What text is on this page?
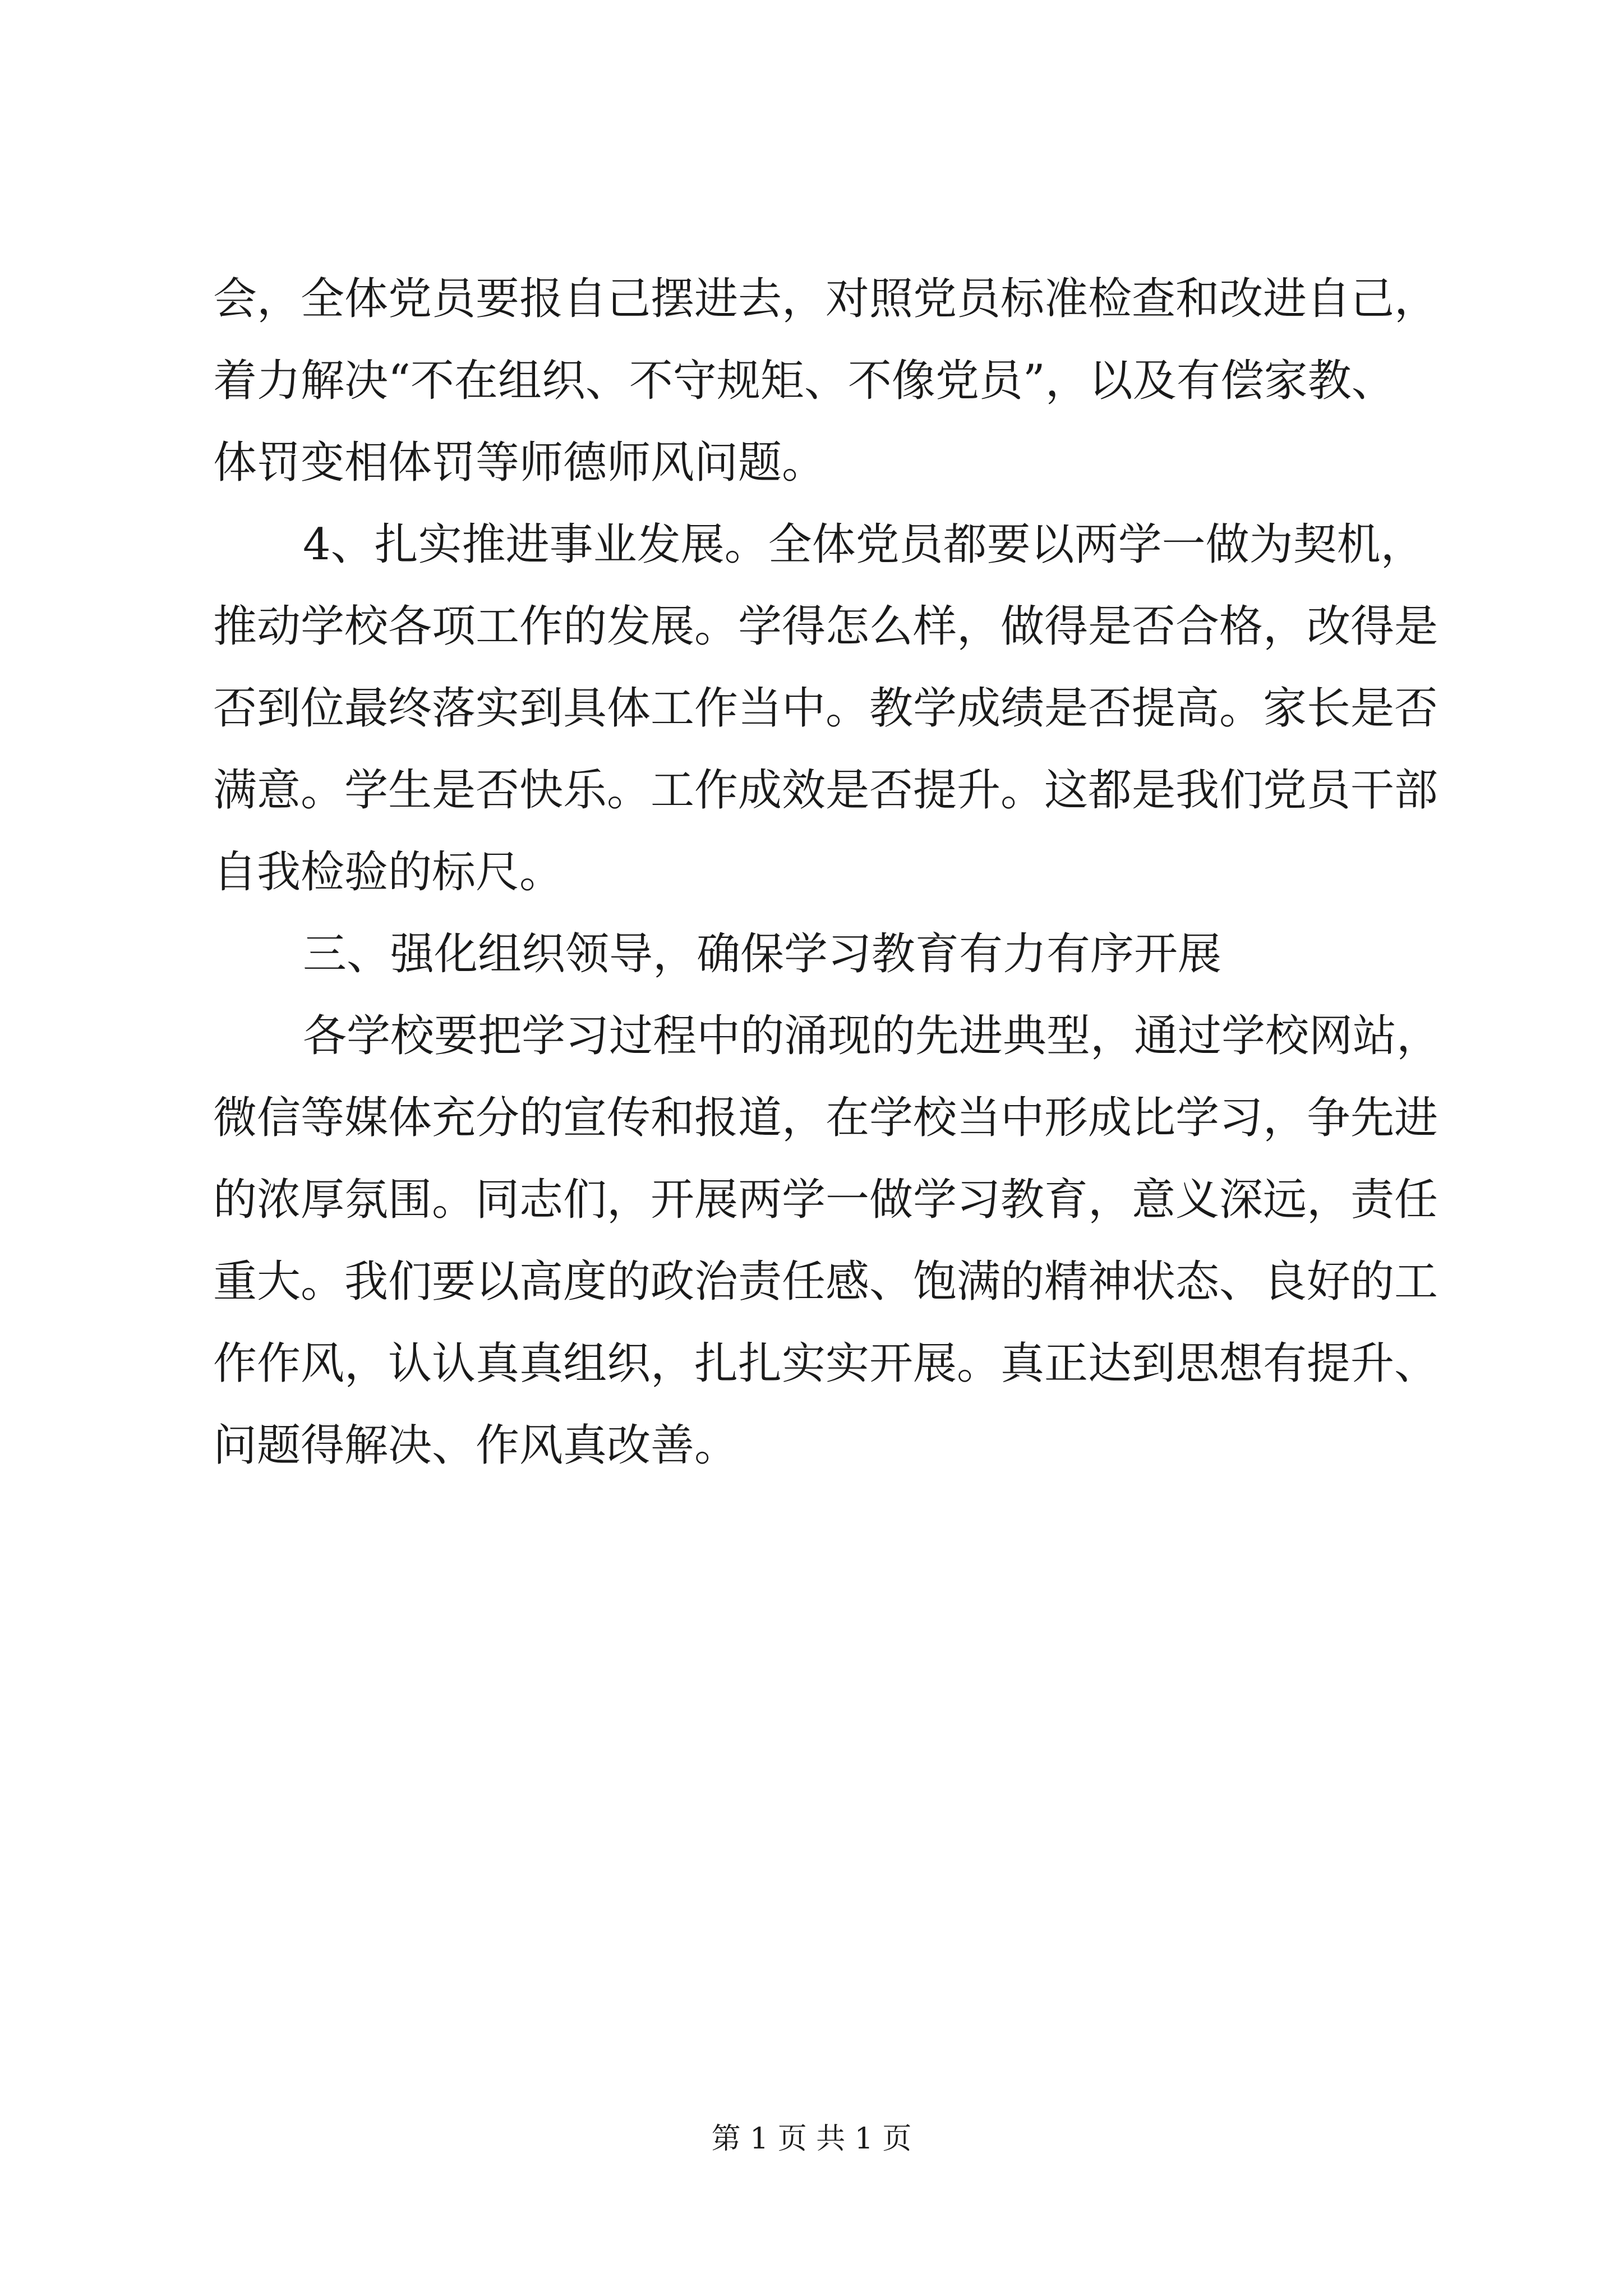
会，全体党员要报自己摆进去，对照党员标准检查和改进自己，
着力解决“不在组织、不守规矩、不像党员”，以及有偿家教、
体罚变相体罚等师德师风问题。
4、扎实推进事业发展。全体党员都要以两学一做为契机，
推动学校各项工作的发展。学得怎么样，做得是否合格，改得是
否到位最终落实到具体工作当中。教学成绩是否提高。家长是否
满意。学生是否快乐。工作成效是否提升。这都是我们党员干部
自我检验的标尺。
三、强化组织领导，确保学习教育有力有序开展
各学校要把学习过程中的涌现的先进典型，通过学校网站，
微信等媒体充分的宣传和报道，在学校当中形成比学习，争先进
的浓厚氛围。同志们，开展两学一做学习教育，意义深远，责任
重大。我们要以高度的政治责任感、饱满的精神状态、良好的工
作作风，认认真真组织，扎扎实实开展。真正达到思想有提升、
问题得解决、作风真改善。
第 1 页 共 1 页
